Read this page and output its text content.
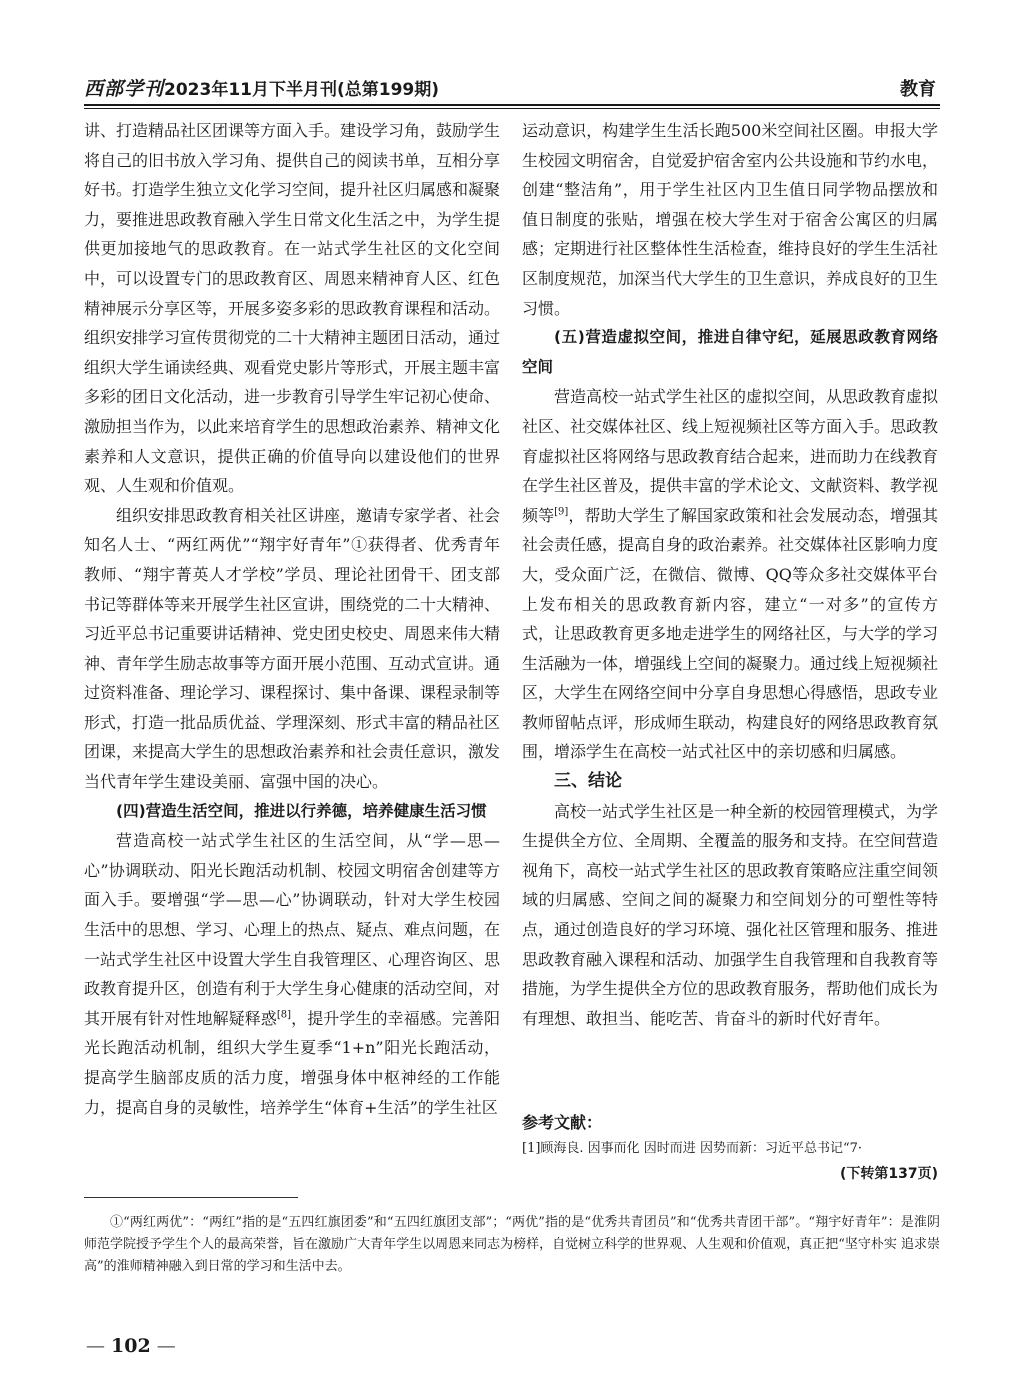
西部学刊 2023年11月下半月刊(总第199期)	教育

讲、打造精品社区团课等方面入手。建设学习角，鼓励学生将自己的旧书放入学习角、提供自己的阅读书单，互相分享好书。打造学生独立文化学习空间，提升社区归属感和凝聚力，要推进思政教育融入学生日常文化生活之中，为学生提供更加接地气的思政教育。在一站式学生社区的文化空间中，可以设置专门的思政教育区、周恩来精神育人区、红色精神展示分享区等，开展多姿多彩的思政教育课程和活动。组织安排学习宣传贯彻党的二十大精神主题团日活动，通过组织大学生诵读经典、观看党史影片等形式，开展主题丰富多彩的团日文化活动，进一步教育引导学生牢记初心使命、激励担当作为，以此来培育学生的思想政治素养、精神文化素养和人文意识，提供正确的价值导向以建设他们的世界观、人生观和价值观。

组织安排思政教育相关社区讲座，邀请专家学者、社会知名人士、“两红两优”“翔宇好青年”①获得者、优秀青年教师、“翔宇菁英人才学校”学员、理论社团骨干、团支部书记等群体等来开展学生社区宣讲，围绕党的二十大精神、习近平总书记重要讲话精神、党史团史校史、周恩来伟大精神、青年学生励志故事等方面开展小范围、互动式宣讲。通过资料准备、理论学习、课程探讨、集中备课、课程录制等形式，打造一批品质优益、学理深刻、形式丰富的精品社区团课，来提高大学生的思想政治素养和社会责任意识，激发当代青年学生建设美丽、富强中国的决心。

(四)营造生活空间，推进以行养德，培养健康生活习惯

营造高校一站式学生社区的生活空间，从“学—思—心”协调联动、阳光长跑活动机制、校园文明宿舍创建等方面入手。要增强“学—思—心”协调联动，针对大学生校园生活中的思想、学习、心理上的热点、疑点、难点问题，在一站式学生社区中设置大学生自我管理区、心理咨询区、思政教育提升区，创造有利于大学生身心健康的活动空间，对其开展有针对性地解疑释惑[8]，提升学生的幸福感。完善阳光长跑活动机制，组织大学生夏季“1+n”阳光长跑活动，提高学生脑部皮质的活力度，增强身体中枢神经的工作能力，提高自身的灵敏性，培养学生“体育+生活”的学生社区

运动意识，构建学生生活长跑500米空间社区圈。申报大学生校园文明宿舍，自觉爱护宿舍室内公共设施和节约水电，创建“整洁角”，用于学生社区内卫生值日同学物品摆放和值日制度的张贴，增强在校大学生对于宿舍公寓区的归属感；定期进行社区整体性生活检查，维持良好的学生生活社区制度规范，加深当代大学生的卫生意识，养成良好的卫生习惯。

(五)营造虚拟空间，推进自律守纪，延展思政教育网络空间

营造高校一站式学生社区的虚拟空间，从思政教育虚拟社区、社交媒体社区、线上短视频社区等方面入手。思政教育虚拟社区将网络与思政教育结合起来，进而助力在线教育在学生社区普及，提供丰富的学术论文、文献资料、教学视频等[9]，帮助大学生了解国家政策和社会发展动态，增强其社会责任感，提高自身的政治素养。社交媒体社区影响力度大，受众面广泛，在微信、微博、QQ等众多社交媒体平台上发布相关的思政教育新内容，建立“一对多”的宣传方式，让思政教育更多地走进学生的网络社区，与大学的学习生活融为一体，增强线上空间的凝聚力。通过线上短视频社区，大学生在网络空间中分享自身思想心得感悟，思政专业教师留帖点评，形成师生联动，构建良好的网络思政教育氛围，增添学生在高校一站式社区中的亲切感和归属感。

三、结论

高校一站式学生社区是一种全新的校园管理模式，为学生提供全方位、全周期、全覆盖的服务和支持。在空间营造视角下，高校一站式学生社区的思政教育策略应注重空间领域的归属感、空间之间的凝聚力和空间划分的可塑性等特点，通过创造良好的学习环境、强化社区管理和服务、推进思政教育融入课程和活动、加强学生自我管理和自我教育等措施，为学生提供全方位的思政教育服务，帮助他们成长为有理想、敢担当、能吃苦、肯奋斗的新时代好青年。

参考文献：
[1]顾海良. 因事而化 因时而进 因势而新：习近平总书记“7·
(下转第137页)
①“两红两优”：“两红”指的是“五四红旗团委”和“五四红旗团支部”；“两优”指的是“优秀共青团员”和“优秀共青团干部”。“翔宇好青年”：是淮阴师范学院授予学生个人的最高荣誉，旨在激励广大青年学生以周恩来同志为榜样，自觉树立科学的世界观、人生观和价值观，真正把“坚守朴实 追求崇高”的淮师精神融入到日常的学习和生活中去。
— 102 —
